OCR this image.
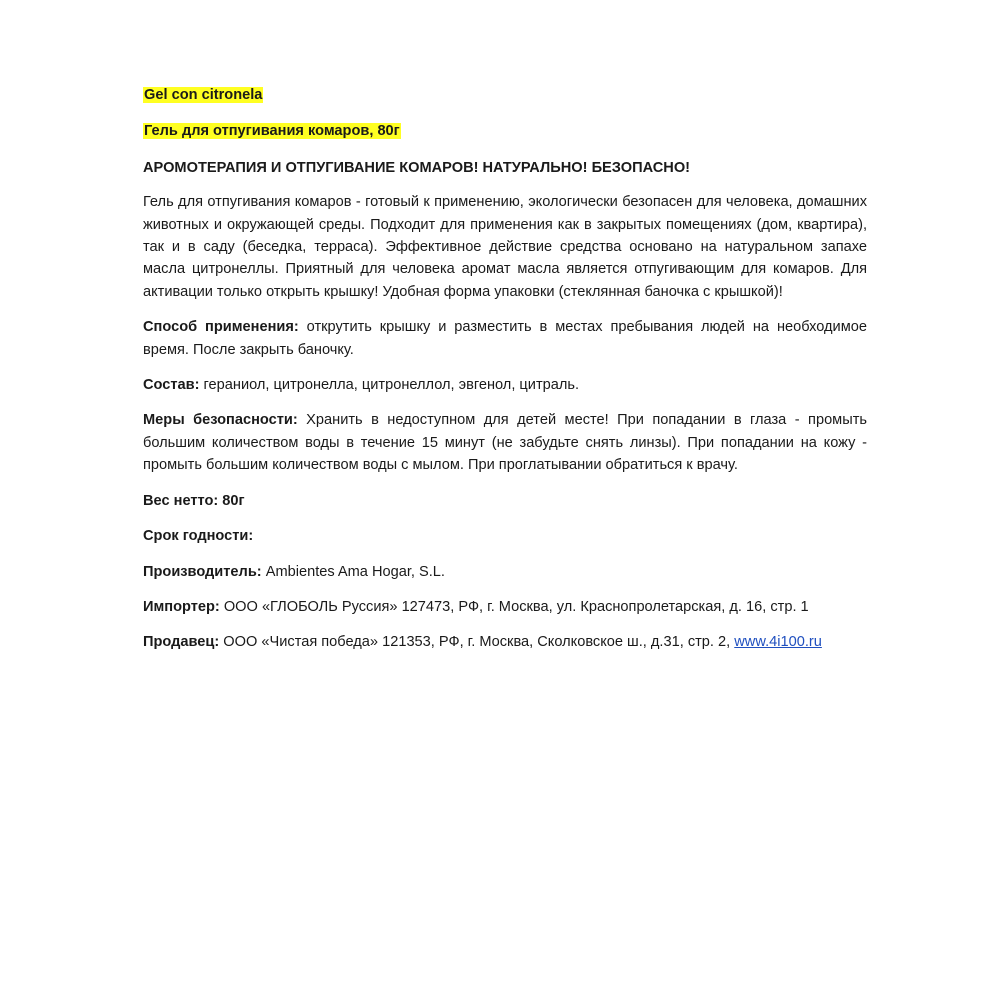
Gel con citronela

Гель для отпугивания комаров, 80г

АРОМОТЕРАПИЯ И ОТПУГИВАНИЕ КОМАРОВ! НАТУРАЛЬНО! БЕЗОПАСНО!

Гель для отпугивания комаров - готовый к применению, экологически безопасен для человека, домашних животных и окружающей среды. Подходит для применения как в закрытых помещениях (дом, квартира), так и в саду (беседка, терраса). Эффективное действие средства основано на натуральном запахе масла цитронеллы. Приятный для человека аромат масла является отпугивающим для комаров. Для активации только открыть крышку! Удобная форма упаковки (стеклянная баночка с крышкой)!

Способ применения: открутить крышку и разместить в местах пребывания людей на необходимое время. После закрыть баночку.

Состав: гераниол, цитронелла, цитронеллол, эвгенол, цитраль.

Меры безопасности: Хранить в недоступном для детей месте! При попадании в глаза - промыть большим количеством воды в течение 15 минут (не забудьте снять линзы). При попадании на кожу - промыть большим количеством воды с мылом. При проглатывании обратиться к врачу.

Вес нетто: 80г

Срок годности:

Производитель: Ambientes Ama Hogar, S.L.

Импортер: ООО «ГЛОБОЛЬ Русcия» 127473, РФ, г. Москва, ул. Краснопролетарская, д. 16, стр. 1

Продавец: ООО «Чистая победа» 121353, РФ, г. Москва, Сколковское ш., д.31, стр. 2, www.4i100.ru
